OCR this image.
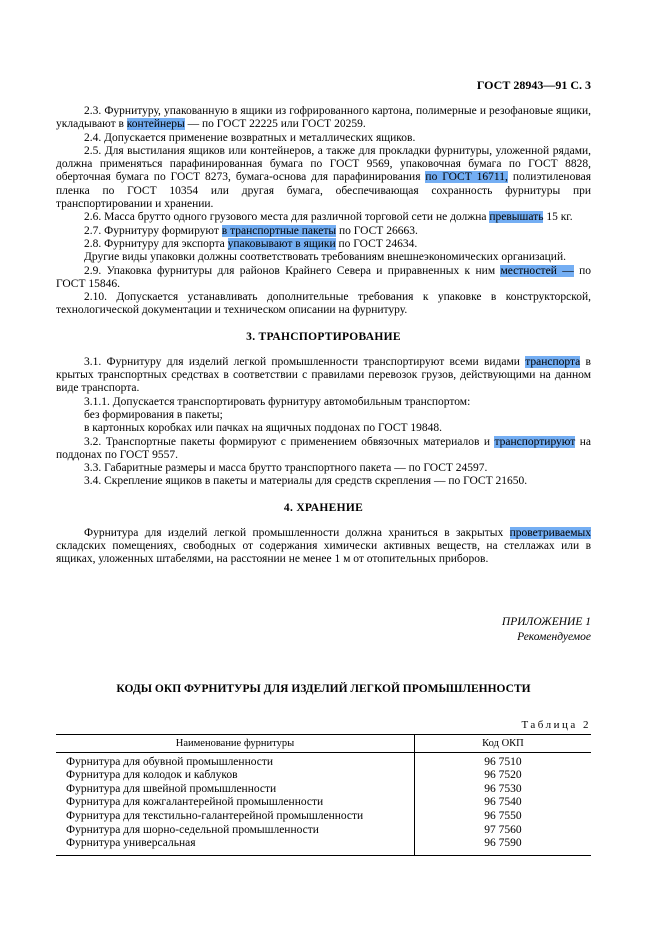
ГОСТ 28943—91 С. 3

2.3. Фурнитуру, упакованную в ящики из гофрированного картона, полимерные и резофановые ящики, укладывают в контейнеры — по ГОСТ 22225 или ГОСТ 20259.

2.4. Допускается применение возвратных и металлических ящиков.

2.5. Для выстилания ящиков или контейнеров, а также для прокладки фурнитуры, уложенной рядами, должна применяться парафинированная бумага по ГОСТ 9569, упаковочная бумага по ГОСТ 8828, оберточная бумага по ГОСТ 8273, бумага-основа для парафинирования по ГОСТ 16711, полиэтиленовая пленка по ГОСТ 10354 или другая бумага, обеспечивающая сохранность фурнитуры при транспортировании и хранении.

2.6. Масса брутто одного грузового места для различной торговой сети не должна превышать 15 кг.

2.7. Фурнитуру формируют в транспортные пакеты по ГОСТ 26663.

2.8. Фурнитуру для экспорта упаковывают в ящики по ГОСТ 24634.

Другие виды упаковки должны соответствовать требованиям внешнеэкономических организаций.

2.9. Упаковка фурнитуры для районов Крайнего Севера и приравненных к ним местностей — по ГОСТ 15846.

2.10. Допускается устанавливать дополнительные требования к упаковке в конструкторской, технологической документации и техническом описании на фурнитуру.

3. ТРАНСПОРТИРОВАНИЕ

3.1. Фурнитуру для изделий легкой промышленности транспортируют всеми видами транспорта в крытых транспортных средствах в соответствии с правилами перевозок грузов, действующими на данном виде транспорта.

3.1.1. Допускается транспортировать фурнитуру автомобильным транспортом:

без формирования в пакеты;

в картонных коробках или пачках на ящичных поддонах по ГОСТ 19848.

3.2. Транспортные пакеты формируют с применением обвязочных материалов и транспортируют на поддонах по ГОСТ 9557.

3.3. Габаритные размеры и масса брутто транспортного пакета — по ГОСТ 24597.

3.4. Скрепление ящиков в пакеты и материалы для средств скрепления — по ГОСТ 21650.

4. ХРАНЕНИЕ

Фурнитура для изделий легкой промышленности должна храниться в закрытых проветриваемых складских помещениях, свободных от содержания химически активных веществ, на стеллажах или в ящиках, уложенных штабелями, на расстоянии не менее 1 м от отопительных приборов.

ПРИЛОЖЕНИЕ 1
Рекомендуемое
КОДЫ ОКП ФУРНИТУРЫ ДЛЯ ИЗДЕЛИЙ ЛЕГКОЙ ПРОМЫШЛЕННОСТИ
Таблица 2
Наименование фурнитуры	Код ОКП
Фурнитура для обувной промышленности	96 7510
Фурнитура для колодок и каблуков	96 7520
Фурнитура для швейной промышленности	96 7530
Фурнитура для кожгалантерейной промышленности	96 7540
Фурнитура для текстильно-галантерейной промышленности	96 7550
Фурнитура для шорно-седельной промышленности	97 7560
Фурнитура универсальная	96 7590
